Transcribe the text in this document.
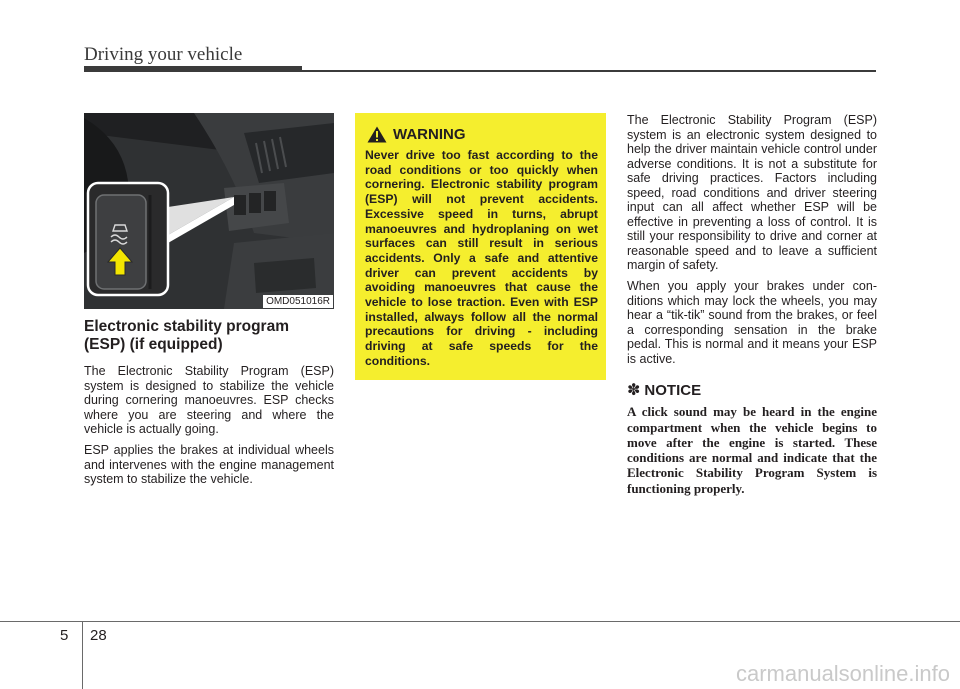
Driving your vehicle
OMD051016R
Electronic stability program (ESP) (if equipped)

The Electronic Stability Program (ESP) system is designed to stabilize the vehicle during cornering manoeuvres. ESP checks where you are steering and where the vehicle is actually going.

ESP applies the brakes at individual wheels and intervenes with the engine management system to stabilize the vehicle.

WARNING
Never drive too fast according to the road conditions or too quickly when cornering. Electronic stability program (ESP) will not prevent accidents. Excessive speed in turns, abrupt manoeuvres and hydroplaning on wet surfaces can still result in serious accidents. Only a safe and attentive driver can prevent accidents by avoiding manoeuvres that cause the vehicle to lose traction. Even with ESP installed, always follow all the normal precautions for driving - including driving at safe speeds for the conditions.

The Electronic Stability Program (ESP) system is an electronic system designed to help the driver maintain vehicle control under adverse conditions. It is not a substitute for safe driving practices. Factors including speed, road conditions and driver steering input can all affect whether ESP will be effective in preventing a loss of control. It is still your responsibility to drive and corner at reasonable speed and to leave a sufficient margin of safety.

When you apply your brakes under conditions which may lock the wheels, you may hear a “tik-tik” sound from the brakes, or feel a corresponding sensation in the brake pedal. This is normal and it means your ESP is active.

✽ NOTICE

A click sound may be heard in the engine compartment when the vehicle begins to move after the engine is started. These conditions are normal and indicate that the Electronic Stability Program System is functioning properly.

5 28
carmanualsonline.info
